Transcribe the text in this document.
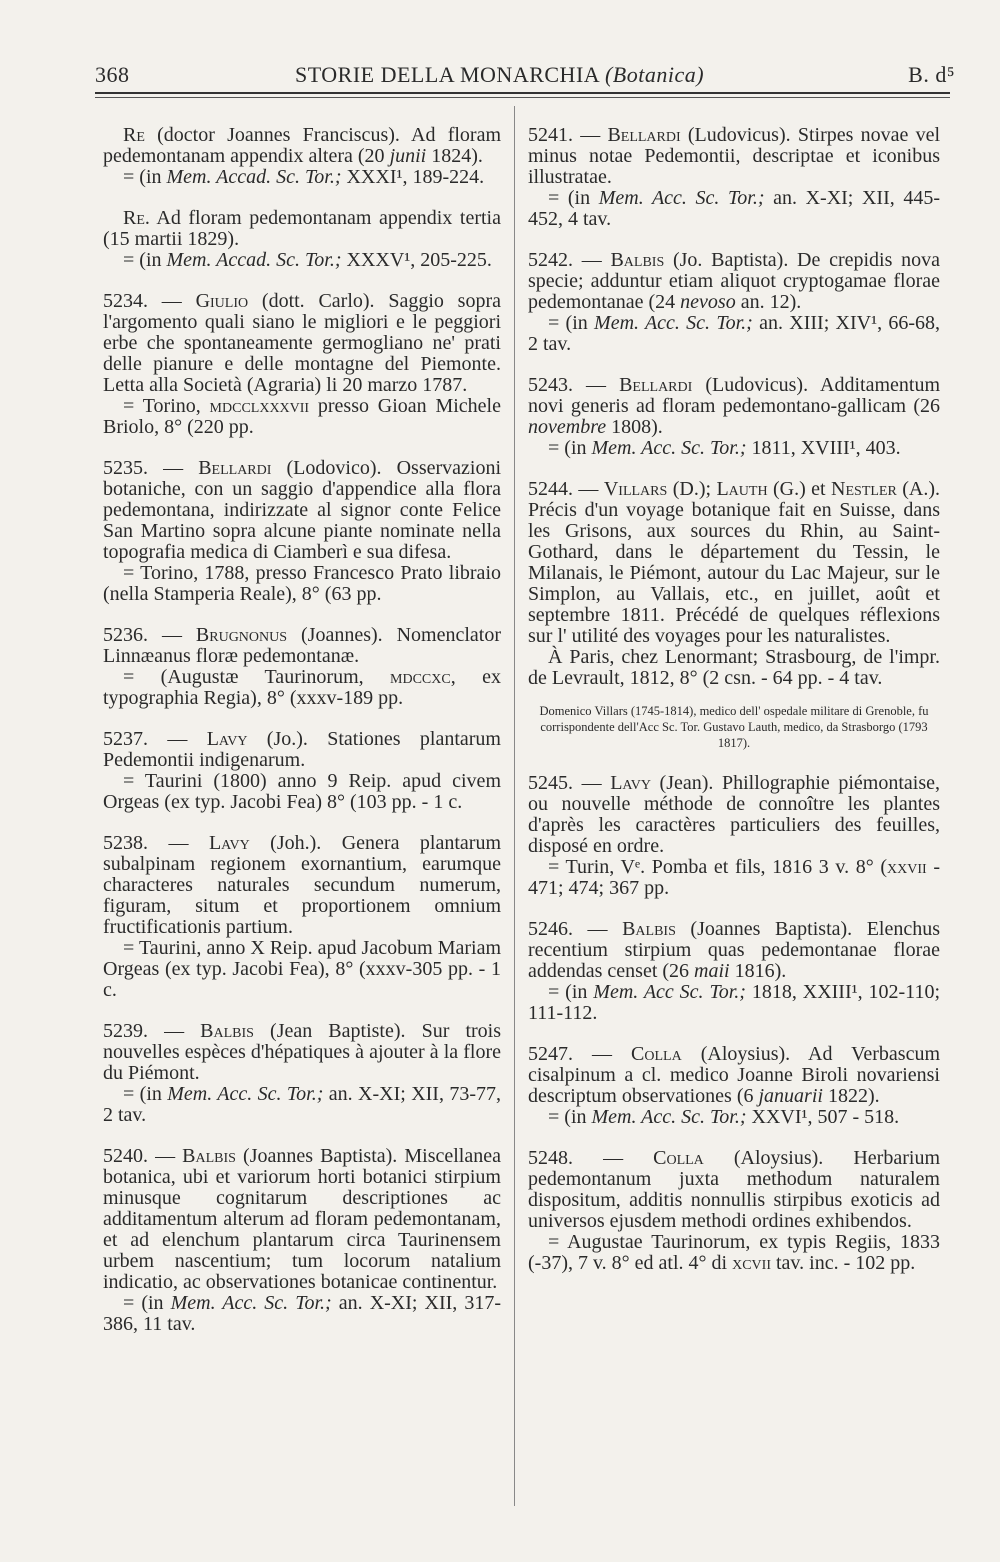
368	STORIE DELLA MONARCHIA (Botanica)	B. d⁵

Re (doctor Joannes Franciscus). Ad floram pedemontanam appendix altera (20 junii 1824).

= (in Mem. Accad. Sc. Tor.; XXXI¹, 189-224.

Re. Ad floram pedemontanam appendix tertia (15 martii 1829).

= (in Mem. Accad. Sc. Tor.; XXXV¹, 205-225.

5234. — Giulio (dott. Carlo). Saggio sopra l'argomento quali siano le migliori e le peggiori erbe che spontaneamente germogliano ne' prati delle pianure e delle montagne del Piemonte. Letta alla Società (Agraria) li 20 marzo 1787.

= Torino, mdcclxxxvii presso Gioan Michele Briolo, 8° (220 pp.

5235. — Bellardi (Lodovico). Osservazioni botaniche, con un saggio d'appendice alla flora pedemontana, indirizzate al signor conte Felice San Martino sopra alcune piante nominate nella topografia medica di Ciamberì e sua difesa.

= Torino, 1788, presso Francesco Prato libraio (nella Stamperia Reale), 8° (63 pp.

5236. — Brugnonus (Joannes). Nomenclator Linnæanus floræ pedemontanæ.

= (Augustæ Taurinorum, mdccxc, ex typographia Regia), 8° (xxxv-189 pp.

5237. — Lavy (Jo.). Stationes plantarum Pedemontii indigenarum.

= Taurini (1800) anno 9 Reip. apud civem Orgeas (ex typ. Jacobi Fea) 8° (103 pp. - 1 c.

5238. — Lavy (Joh.). Genera plantarum subalpinam regionem exornantium, earumque characteres naturales secundum numerum, figuram, situm et proportionem omnium fructificationis partium.

= Taurini, anno X Reip. apud Jacobum Mariam Orgeas (ex typ. Jacobi Fea), 8° (xxxv-305 pp. - 1 c.

5239. — Balbis (Jean Baptiste). Sur trois nouvelles espèces d'hépatiques à ajouter à la flore du Piémont.

= (in Mem. Acc. Sc. Tor.; an. X-XI; XII, 73-77, 2 tav.

5240. — Balbis (Joannes Baptista). Miscellanea botanica, ubi et variorum horti botanici stirpium minusque cognitarum descriptiones ac additamentum alterum ad floram pedemontanam, et ad elenchum plantarum circa Taurinensem urbem nascentium; tum locorum natalium indicatio, ac observationes botanicae continentur.

= (in Mem. Acc. Sc. Tor.; an. X-XI; XII, 317-386, 11 tav.

5241. — Bellardi (Ludovicus). Stirpes novae vel minus notae Pedemontii, descriptae et iconibus illustratae.

= (in Mem. Acc. Sc. Tor.; an. X-XI; XII, 445-452, 4 tav.

5242. — Balbis (Jo. Baptista). De crepidis nova specie; adduntur etiam aliquot cryptogamae florae pedemontanae (24 nevoso an. 12).

= (in Mem. Acc. Sc. Tor.; an. XIII; XIV¹, 66-68, 2 tav.

5243. — Bellardi (Ludovicus). Additamentum novi generis ad floram pedemontano-gallicam (26 novembre 1808).

= (in Mem. Acc. Sc. Tor.; 1811, XVIII¹, 403.

5244. — Villars (D.); Lauth (G.) et Nestler (A.). Précis d'un voyage botanique fait en Suisse, dans les Grisons, aux sources du Rhin, au Saint-Gothard, dans le département du Tessin, le Milanais, le Piémont, autour du Lac Majeur, sur le Simplon, au Vallais, etc., en juillet, août et septembre 1811. Précédé de quelques réflexions sur l' utilité des voyages pour les naturalistes.

À Paris, chez Lenormant; Strasbourg, de l'impr. de Levrault, 1812, 8° (2 csn. - 64 pp. - 4 tav.

Domenico Villars (1745-1814), medico dell' ospedale militare di Grenoble, fu corrispondente dell'Acc Sc. Tor. Gustavo Lauth, medico, da Strasborgo (1793 1817).

5245. — Lavy (Jean). Phillographie piémontaise, ou nouvelle méthode de connoître les plantes d'après les caractères particuliers des feuilles, disposé en ordre.

= Turin, Vᵉ. Pomba et fils, 1816 3 v. 8° (xxvii - 471; 474; 367 pp.

5246. — Balbis (Joannes Baptista). Elenchus recentium stirpium quas pedemontanae florae addendas censet (26 maii 1816).

= (in Mem. Acc Sc. Tor.; 1818, XXIII¹, 102-110; 111-112.

5247. — Colla (Aloysius). Ad Verbascum cisalpinum a cl. medico Joanne Biroli novariensi descriptum observationes (6 januarii 1822).

= (in Mem. Acc. Sc. Tor.; XXVI¹, 507 - 518.

5248. — Colla (Aloysius). Herbarium pedemontanum juxta methodum naturalem dispositum, additis nonnullis stirpibus exoticis ad universos ejusdem methodi ordines exhibendos.

= Augustae Taurinorum, ex typis Regiis, 1833 (-37), 7 v. 8° ed atl. 4° di xcvii tav. inc. - 102 pp.
